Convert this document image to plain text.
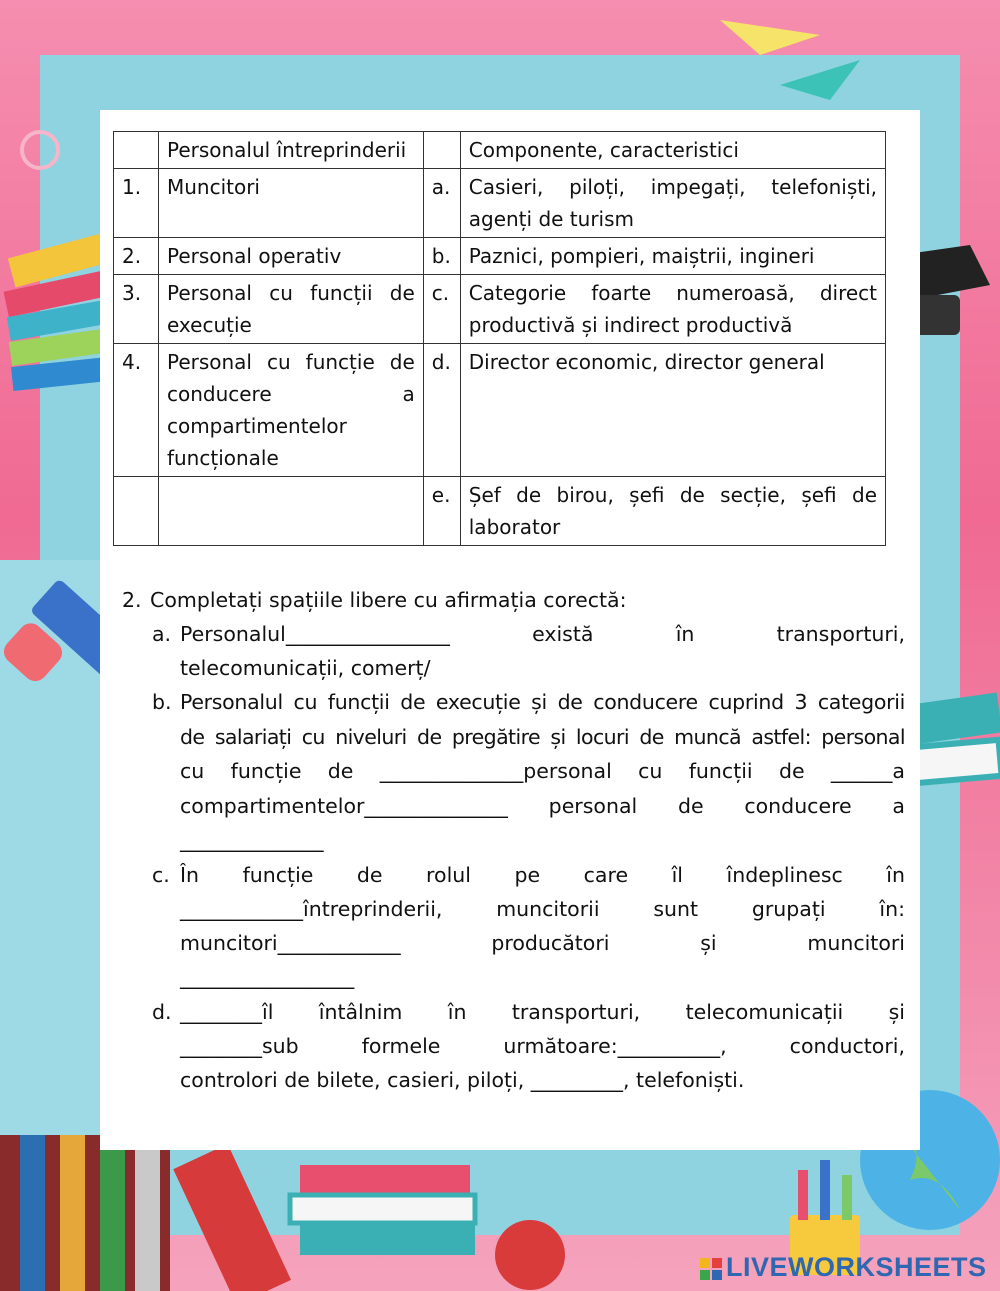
	Personalul întreprinderii		Componente, caracteristici
1.	Muncitori	a.	Casieri, piloți, impegați, telefoniști, agenți de turism
2.	Personal operativ	b.	Paznici, pompieri, maiștrii, ingineri
3.	Personal cu funcții de execuție	c.	Categorie foarte numeroasă, direct productivă și indirect productivă
4.	Personal cu funcție de conducere a compartimentelor funcționale	d.	Director economic, director general
		e.	Șef de birou, șefi de secție, șefi de laborator
2. Completați spațiile libere cu afirmația corectă:
a. Personalul________________ există în transporturi,
telecomunicații, comerț/
b. Personalul cu funcții de execuție și de conducere cuprind 3 categorii
de salariați cu niveluri de pregătire și locuri de muncă astfel: personal
cu funcție de ______________personal cu funcții de ______a
compartimentelor______________ personal de conducere a
______________
c. În funcție de rolul pe care îl îndeplinesc în
____________întreprinderii, muncitorii sunt grupați în:
muncitori____________ producători și muncitori
_________________
d. ________îl întâlnim în transporturi, telecomunicații și
________sub formele următoare:__________, conductori,
controlori de bilete, casieri, piloți, _________, telefoniști.
LIVEWORKSHEETS
